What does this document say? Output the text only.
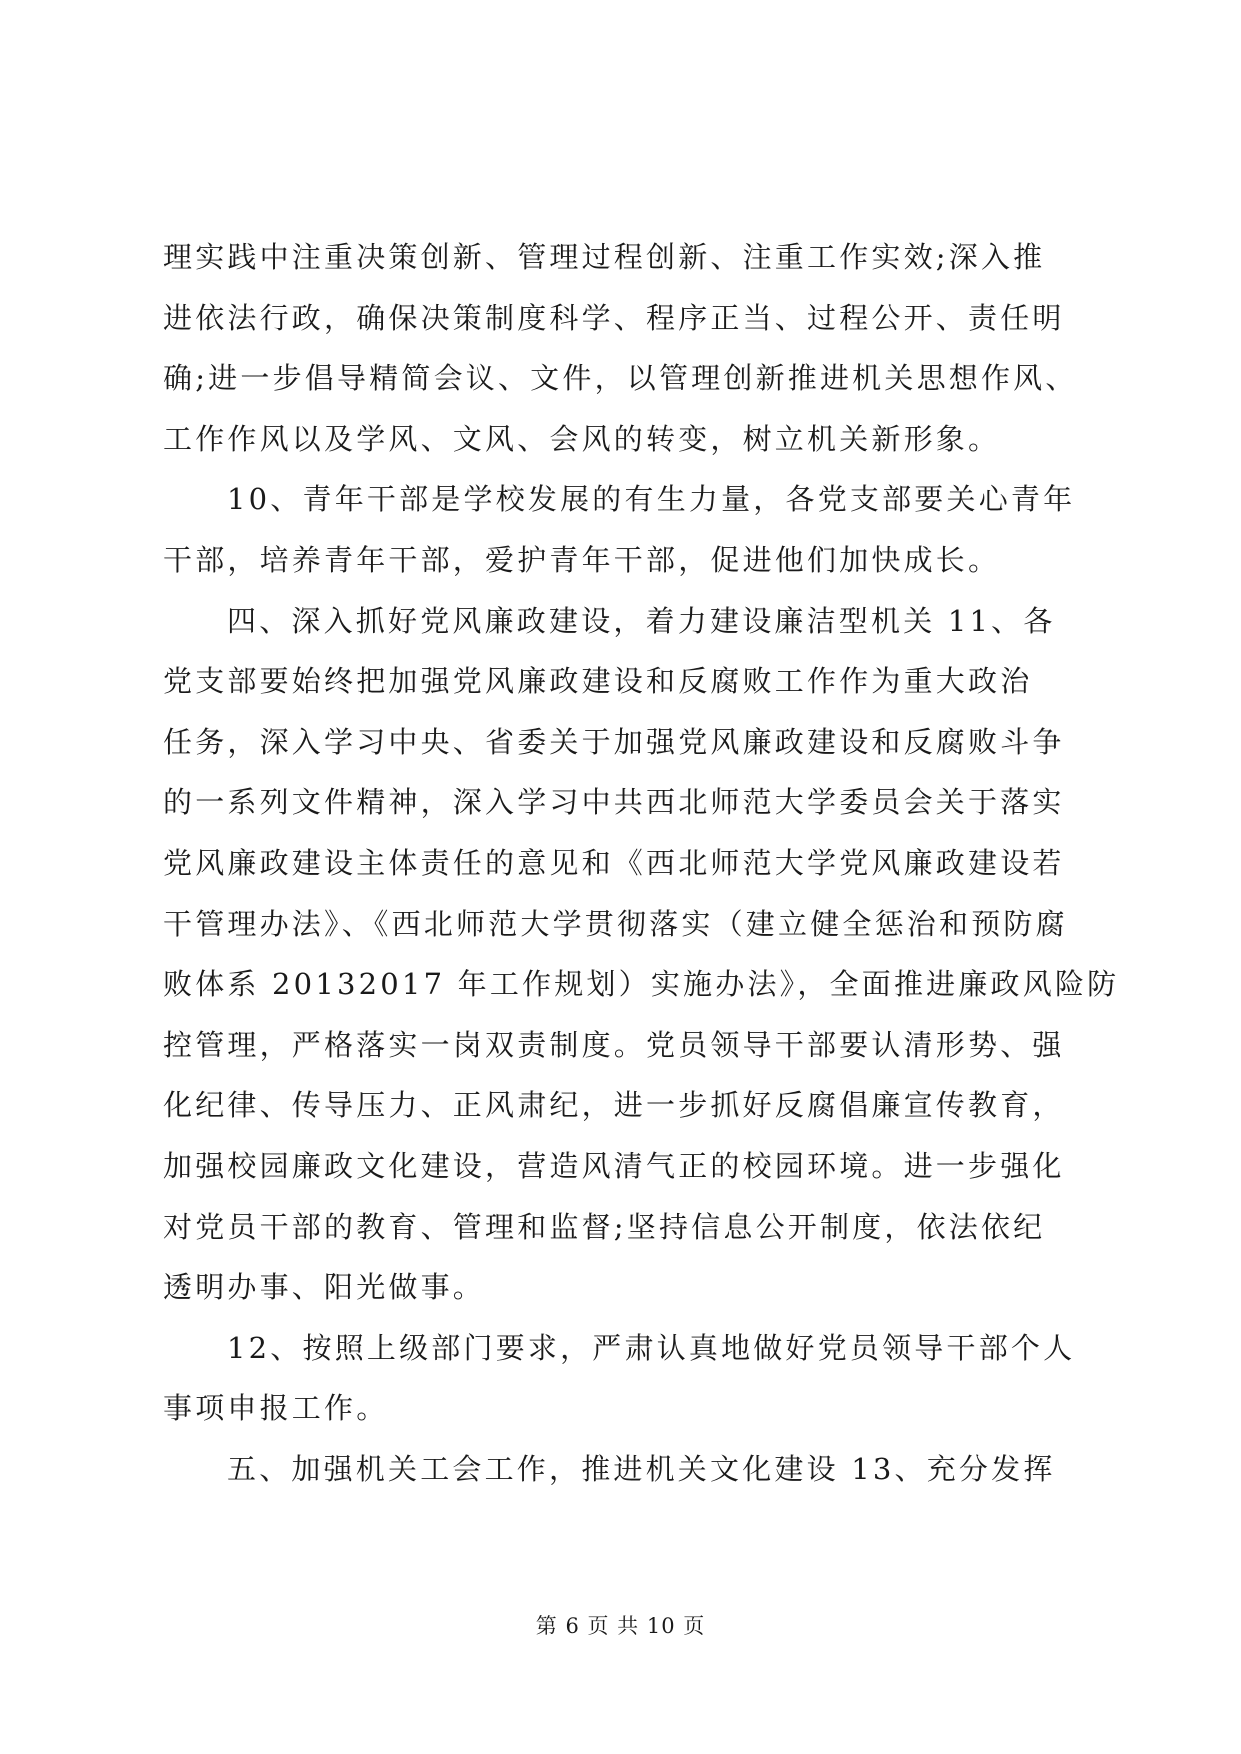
理实践中注重决策创新、管理过程创新、注重工作实效;深入推
进依法行政，确保决策制度科学、程序正当、过程公开、责任明
确;进一步倡导精简会议、文件，以管理创新推进机关思想作风、
工作作风以及学风、文风、会风的转变，树立机关新形象。
10、青年干部是学校发展的有生力量，各党支部要关心青年
干部，培养青年干部，爱护青年干部，促进他们加快成长。
四、深入抓好党风廉政建设，着力建设廉洁型机关 11、各
党支部要始终把加强党风廉政建设和反腐败工作作为重大政治
任务，深入学习中央、省委关于加强党风廉政建设和反腐败斗争
的一系列文件精神，深入学习中共西北师范大学委员会关于落实
党风廉政建设主体责任的意见和《西北师范大学党风廉政建设若
干管理办法》、《西北师范大学贯彻落实（建立健全惩治和预防腐
败体系 20132017 年工作规划）实施办法》，全面推进廉政风险防
控管理，严格落实一岗双责制度。党员领导干部要认清形势、强
化纪律、传导压力、正风肃纪，进一步抓好反腐倡廉宣传教育，
加强校园廉政文化建设，营造风清气正的校园环境。进一步强化
对党员干部的教育、管理和监督;坚持信息公开制度，依法依纪
透明办事、阳光做事。
12、按照上级部门要求，严肃认真地做好党员领导干部个人
事项申报工作。
五、加强机关工会工作，推进机关文化建设 13、充分发挥
第 6 页 共 10 页
